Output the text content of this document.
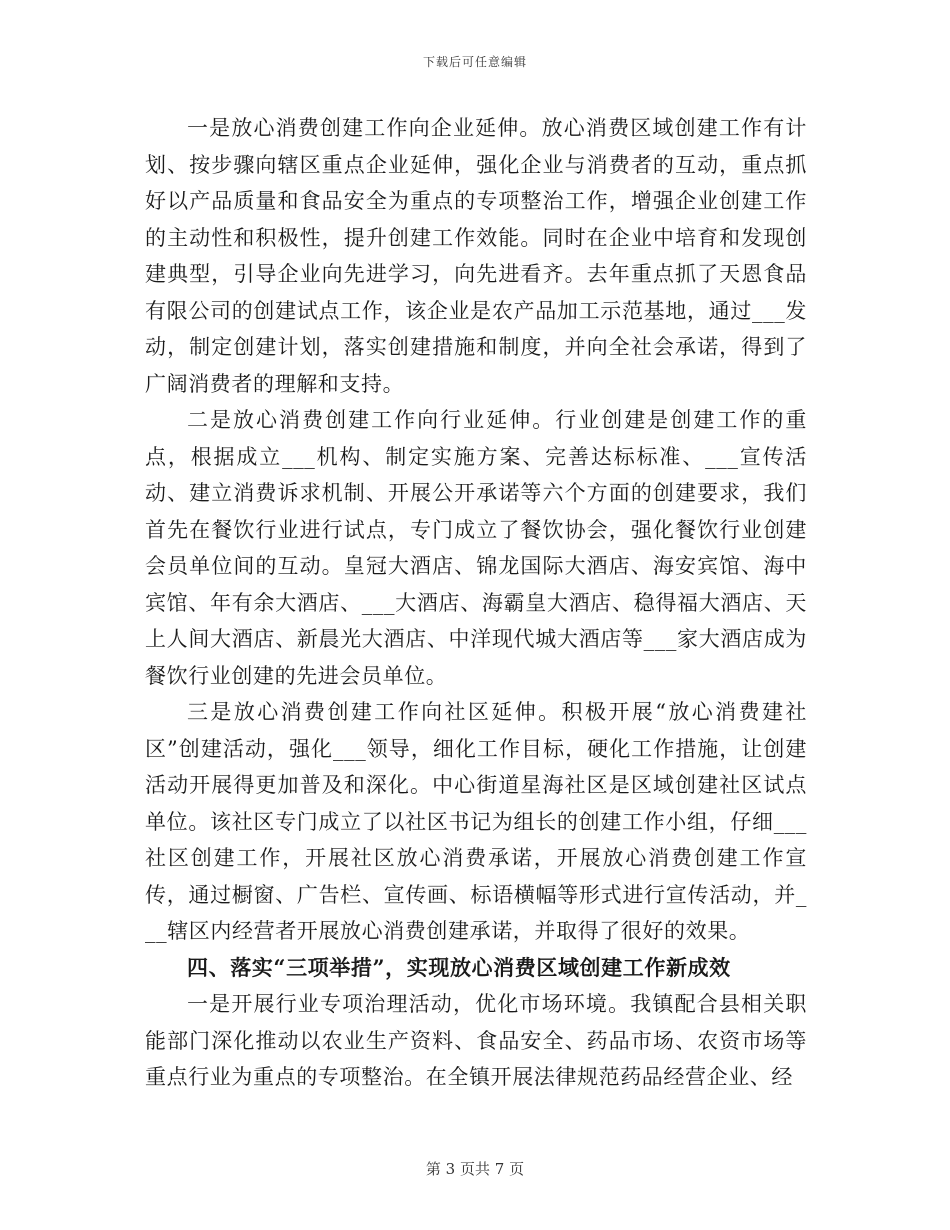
下载后可任意编辑

一是放心消费创建工作向企业延伸。放心消费区域创建工作有计划、按步骤向辖区重点企业延伸，强化企业与消费者的互动，重点抓好以产品质量和食品安全为重点的专项整治工作，增强企业创建工作的主动性和积极性，提升创建工作效能。同时在企业中培育和发现创建典型，引导企业向先进学习，向先进看齐。去年重点抓了天恩食品有限公司的创建试点工作，该企业是农产品加工示范基地，通过___发动，制定创建计划，落实创建措施和制度，并向全社会承诺，得到了广阔消费者的理解和支持。

二是放心消费创建工作向行业延伸。行业创建是创建工作的重点，根据成立___机构、制定实施方案、完善达标标准、___宣传活动、建立消费诉求机制、开展公开承诺等六个方面的创建要求，我们首先在餐饮行业进行试点，专门成立了餐饮协会，强化餐饮行业创建会员单位间的互动。皇冠大酒店、锦龙国际大酒店、海安宾馆、海中宾馆、年有余大酒店、___大酒店、海霸皇大酒店、稳得福大酒店、天上人间大酒店、新晨光大酒店、中洋现代城大酒店等___家大酒店成为餐饮行业创建的先进会员单位。

三是放心消费创建工作向社区延伸。积极开展“放心消费建社区”创建活动，强化___领导，细化工作目标，硬化工作措施，让创建活动开展得更加普及和深化。中心街道星海社区是区域创建社区试点单位。该社区专门成立了以社区书记为组长的创建工作小组，仔细___社区创建工作，开展社区放心消费承诺，开展放心消费创建工作宣传，通过橱窗、广告栏、宣传画、标语横幅等形式进行宣传活动，并___辖区内经营者开展放心消费创建承诺，并取得了很好的效果。

四、落实“三项举措”，实现放心消费区域创建工作新成效

一是开展行业专项治理活动，优化市场环境。我镇配合县相关职能部门深化推动以农业生产资料、食品安全、药品市场、农资市场等重点行业为重点的专项整治。在全镇开展法律规范药品经营企业、经

第 3 页共 7 页
